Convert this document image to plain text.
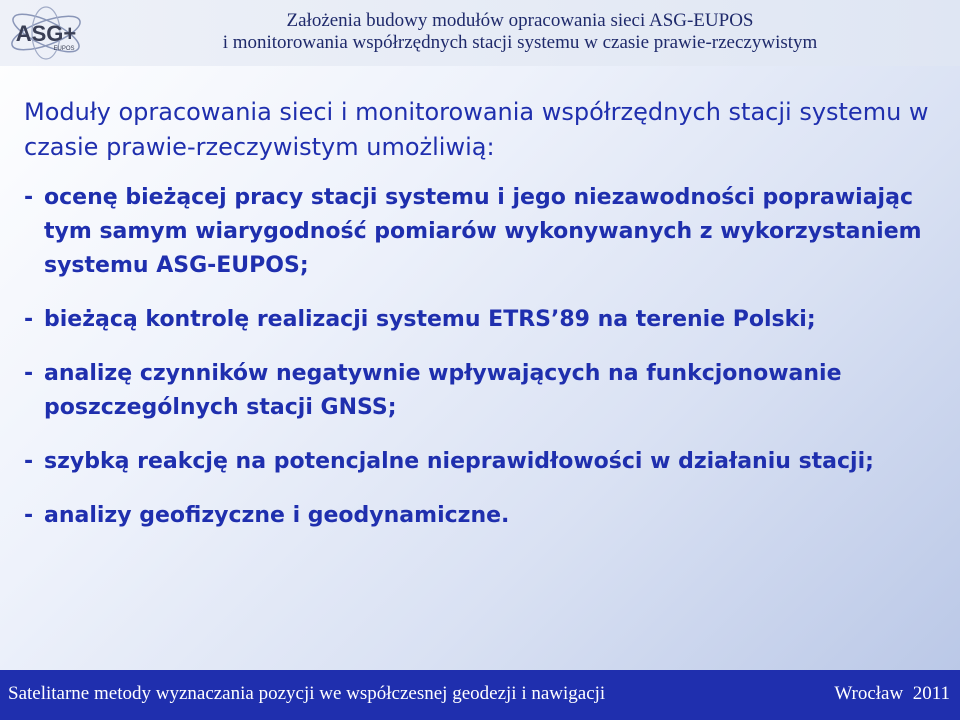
ASG+
EUPOS
Założenia budowy modułów opracowania sieci ASG-EUPOS
i monitorowania współrzędnych stacji systemu w czasie prawie-rzeczywistym

Moduły opracowania sieci i monitorowania współrzędnych stacji systemu w czasie prawie-rzeczywistym umożliwią:

- ocenę bieżącej pracy stacji systemu i jego niezawodności poprawiając tym samym wiarygodność pomiarów wykonywanych z wykorzystaniem systemu ASG-EUPOS;
- bieżącą kontrolę realizacji systemu ETRS’89 na terenie Polski;
- analizę czynników negatywnie wpływających na funkcjonowanie poszczególnych stacji GNSS;
- szybką reakcję na potencjalne nieprawidłowości w działaniu stacji;
- analizy geofizyczne i geodynamiczne.
Satelitarne metody wyznaczania pozycji we współczesnej geodezji i nawigacji	Wrocław  2011
